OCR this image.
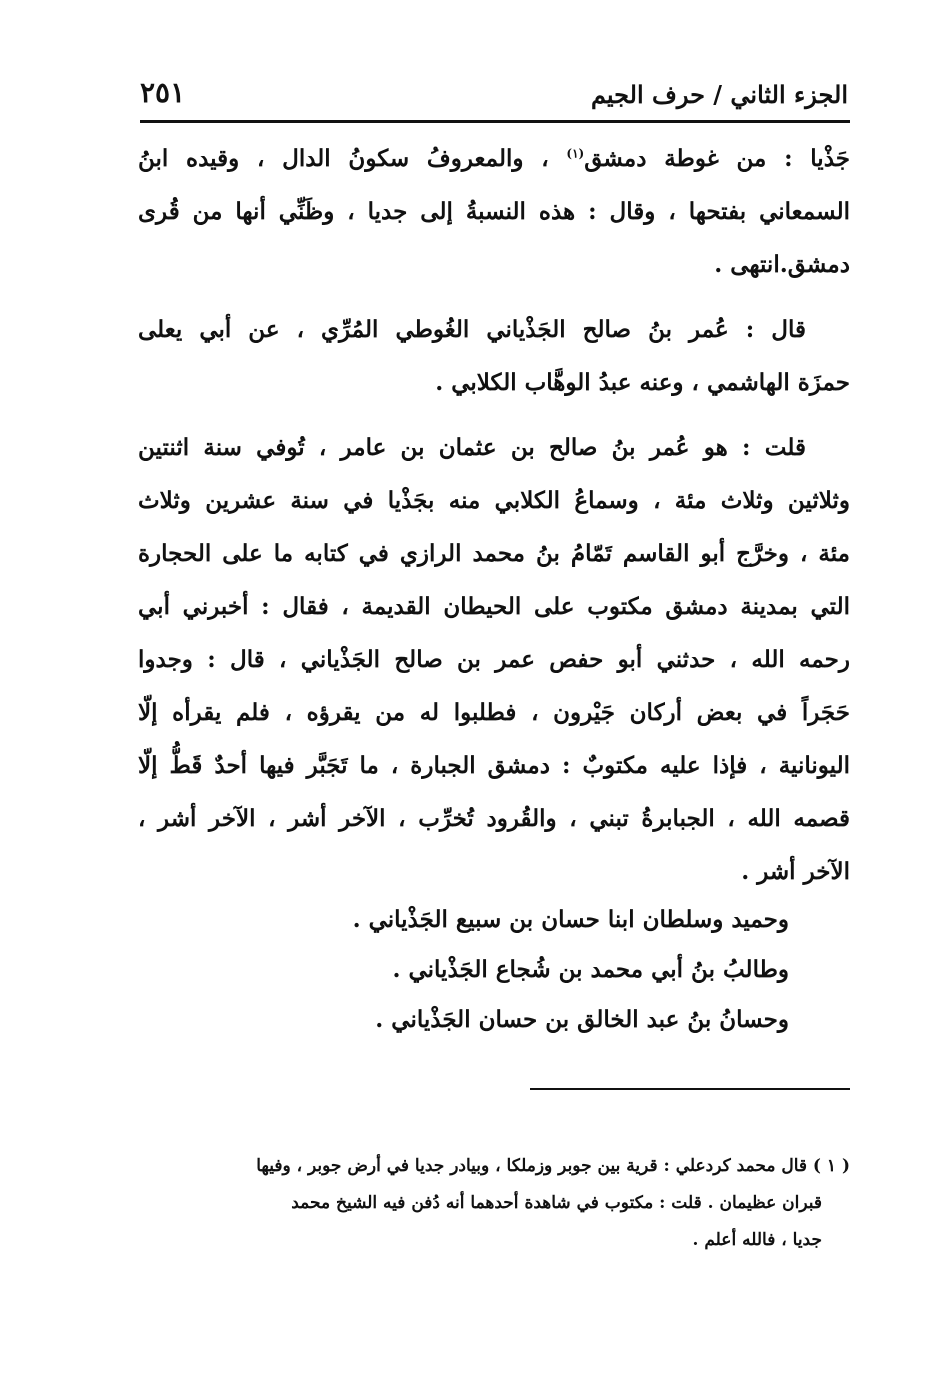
الجزء الثاني / حرف الجيم
٢٥١
جَذْيا : من غوطة دمشق$^{(١)}$ ، والمعروفُ سكونُ الدال ، وقيده ابنُ
السمعاني بفتحها ، وقال : هذه النسبةُ إلى جديا ، وظَنِّي أنها من قُرى
دمشق.انتهى .
قال : عُمر بنُ صالح الجَذْياني الغُوطي المُرِّي ، عن أبي يعلى
حمزَة الهاشمي ، وعنه عبدُ الوهَّاب الكلابي .
قلت : هو عُمر بنُ صالح بن عثمان بن عامر ، تُوفي سنة اثنتين
وثلاثين وثلاث مئة ، وسماعُ الكلابي منه بجَذْيا في سنة عشرين وثلاث
مئة ، وخرَّج أبو القاسم تَمّامُ بنُ محمد الرازي في كتابه ما على الحجارة
التي بمدينة دمشق مكتوب على الحيطان القديمة ، فقال : أخبرني أبي
رحمه الله ، حدثني أبو حفص عمر بن صالح الجَذْياني ، قال : وجدوا
حَجَراً في بعض أركان جَيْرون ، فطلبوا له من يقرؤه ، فلم يقرأه إلّا
اليونانية ، فإذا عليه مكتوبٌ : دمشق الجبارة ، ما تَجَبَّر فيها أحدٌ قَطُّ إلّا
قصمه الله ، الجبابرةُ تبني ، والقُرود تُخرِّب ، الآخر أشر ، الآخر أشر ،
الآخر أشر .
وحميد وسلطان ابنا حسان بن سبيع الجَذْياني .
وطالبُ بنُ أبي محمد بن شُجاع الجَذْياني .
وحسانُ بنُ عبد الخالق بن حسان الجَذْياني .
( ١ ) قال محمد كردعلي : قرية بين جوبر وزملكا ، وبيادر جديا في أرض جوبر ، وفيها
قبران عظيمان . قلت : مكتوب في شاهدة أحدهما أنه دُفن فيه الشيخ محمد
جديا ، فالله أعلم .
